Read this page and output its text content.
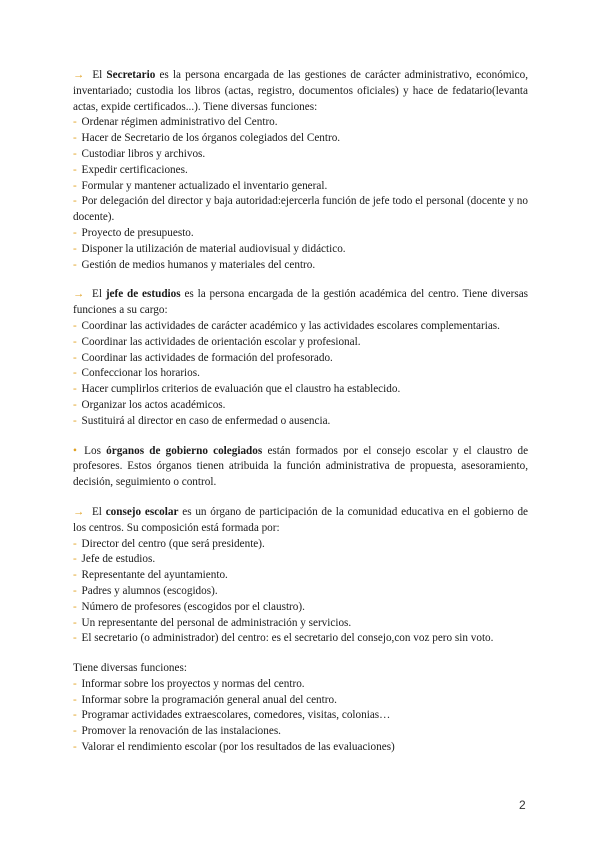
→ El Secretario es la persona encargada de las gestiones de carácter administrativo, económico, inventariado; custodia los libros (actas, registro, documentos oficiales) y hace de fedatario(levanta actas, expide certificados...). Tiene diversas funciones:

- Ordenar régimen administrativo del Centro.

- Hacer de Secretario de los órganos colegiados del Centro.

- Custodiar libros y archivos.

- Expedir certificaciones.

- Formular y mantener actualizado el inventario general.

- Por delegación del director y baja autoridad:ejercerla función de jefe todo el personal (docente y no docente).

- Proyecto de presupuesto.

- Disponer la utilización de material audiovisual y didáctico.

- Gestión de medios humanos y materiales del centro.

→ El jefe de estudios es la persona encargada de la gestión académica del centro. Tiene diversas funciones a su cargo:

- Coordinar las actividades de carácter académico y las actividades escolares complementarias.

- Coordinar las actividades de orientación escolar y profesional.

- Coordinar las actividades de formación del profesorado.

- Confeccionar los horarios.

- Hacer cumplirlos criterios de evaluación que el claustro ha establecido.

- Organizar los actos académicos.

- Sustituirá al director en caso de enfermedad o ausencia.

• Los órganos de gobierno colegiados están formados por el consejo escolar y el claustro de profesores. Estos órganos tienen atribuida la función administrativa de propuesta, asesoramiento, decisión, seguimiento o control.

→ El consejo escolar es un órgano de participación de la comunidad educativa en el gobierno de los centros. Su composición está formada por:

- Director del centro (que será presidente).

- Jefe de estudios.

- Representante del ayuntamiento.

- Padres y alumnos (escogidos).

- Número de profesores (escogidos por el claustro).

- Un representante del personal de administración y servicios.

- El secretario (o administrador) del centro: es el secretario del consejo,con voz pero sin voto.

Tiene diversas funciones:

- Informar sobre los proyectos y normas del centro.

- Informar sobre la programación general anual del centro.

- Programar actividades extraescolares, comedores, visitas, colonias…

- Promover la renovación de las instalaciones.

- Valorar el rendimiento escolar (por los resultados de las evaluaciones)

2
